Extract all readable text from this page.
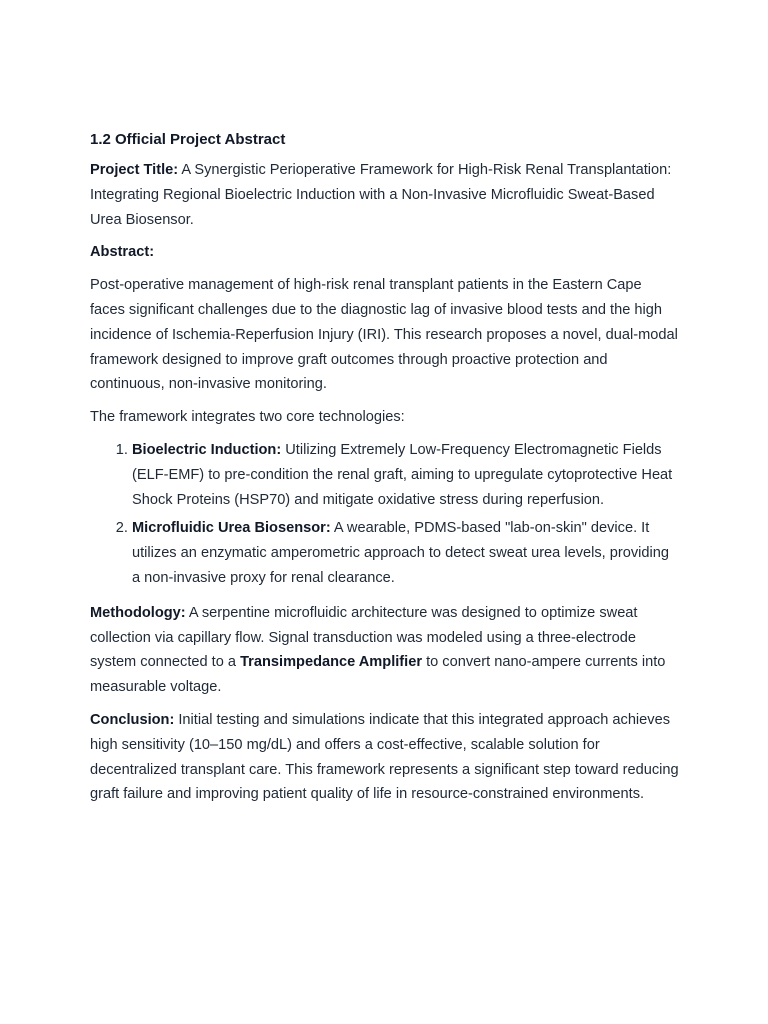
1.2 Official Project Abstract

Project Title: A Synergistic Perioperative Framework for High-Risk Renal Transplantation: Integrating Regional Bioelectric Induction with a Non-Invasive Microfluidic Sweat-Based Urea Biosensor.

Abstract:

Post-operative management of high-risk renal transplant patients in the Eastern Cape faces significant challenges due to the diagnostic lag of invasive blood tests and the high incidence of Ischemia-Reperfusion Injury (IRI). This research proposes a novel, dual-modal framework designed to improve graft outcomes through proactive protection and continuous, non-invasive monitoring.

The framework integrates two core technologies:

1. Bioelectric Induction: Utilizing Extremely Low-Frequency Electromagnetic Fields (ELF-EMF) to pre-condition the renal graft, aiming to upregulate cytoprotective Heat Shock Proteins (HSP70) and mitigate oxidative stress during reperfusion.
2. Microfluidic Urea Biosensor: A wearable, PDMS-based "lab-on-skin" device. It utilizes an enzymatic amperometric approach to detect sweat urea levels, providing a non-invasive proxy for renal clearance.

Methodology: A serpentine microfluidic architecture was designed to optimize sweat collection via capillary flow. Signal transduction was modeled using a three-electrode system connected to a Transimpedance Amplifier to convert nano-ampere currents into measurable voltage.

Conclusion: Initial testing and simulations indicate that this integrated approach achieves high sensitivity (10–150 mg/dL) and offers a cost-effective, scalable solution for decentralized transplant care. This framework represents a significant step toward reducing graft failure and improving patient quality of life in resource-constrained environments.
